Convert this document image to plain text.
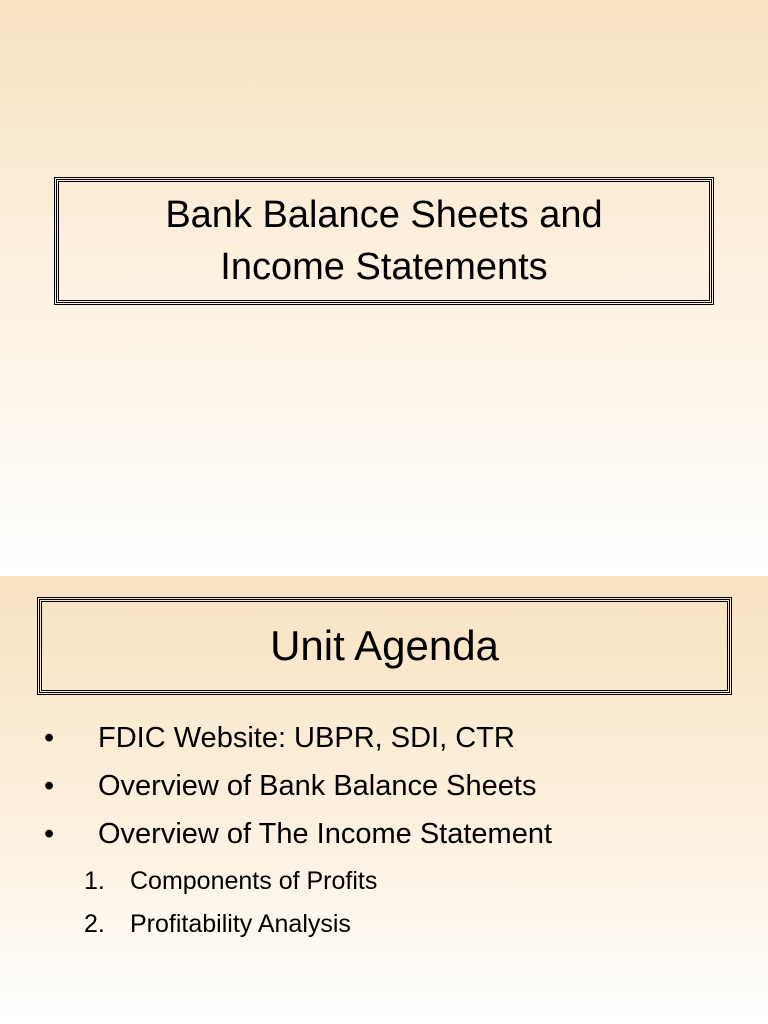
Bank Balance Sheets and Income Statements
Unit Agenda
• FDIC Website: UBPR, SDI, CTR
• Overview of Bank Balance Sheets
• Overview of The Income Statement
1. Components of Profits
2. Profitability Analysis
